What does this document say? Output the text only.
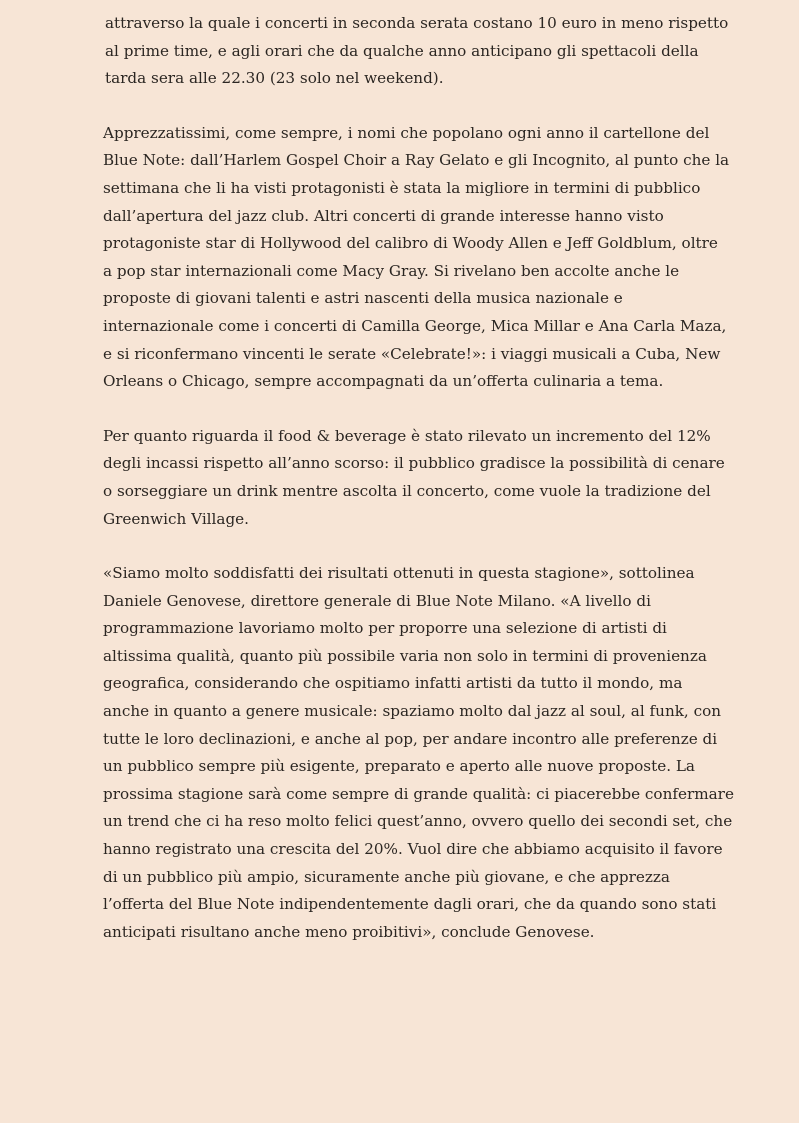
attraverso la quale i concerti in seconda serata costano 10 euro in meno rispetto
al prime time, e agli orari che da qualche anno anticipano gli spettacoli della
tarda sera alle 22.30 (23 solo nel weekend).

Apprezzatissimi, come sempre, i nomi che popolano ogni anno il cartellone del
Blue Note: dall’Harlem Gospel Choir a Ray Gelato e gli Incognito, al punto che la
settimana che li ha visti protagonisti è stata la migliore in termini di pubblico
dall’apertura del jazz club. Altri concerti di grande interesse hanno visto
protagoniste star di Hollywood del calibro di Woody Allen e Jeff Goldblum, oltre
a pop star internazionali come Macy Gray. Si rivelano ben accolte anche le
proposte di giovani talenti e astri nascenti della musica nazionale e
internazionale come i concerti di Camilla George, Mica Millar e Ana Carla Maza,
e si riconfermano vincenti le serate «Celebrate!»: i viaggi musicali a Cuba, New
Orleans o Chicago, sempre accompagnati da un’offerta culinaria a tema.

Per quanto riguarda il food & beverage è stato rilevato un incremento del 12%
degli incassi rispetto all’anno scorso: il pubblico gradisce la possibilità di cenare
o sorseggiare un drink mentre ascolta il concerto, come vuole la tradizione del
Greenwich Village.

«Siamo molto soddisfatti dei risultati ottenuti in questa stagione», sottolinea
Daniele Genovese, direttore generale di Blue Note Milano. «A livello di
programmazione lavoriamo molto per proporre una selezione di artisti di
altissima qualità, quanto più possibile varia non solo in termini di provenienza
geografica, considerando che ospitiamo infatti artisti da tutto il mondo, ma
anche in quanto a genere musicale: spaziamo molto dal jazz al soul, al funk, con
tutte le loro declinazioni, e anche al pop, per andare incontro alle preferenze di
un pubblico sempre più esigente, preparato e aperto alle nuove proposte. La
prossima stagione sarà come sempre di grande qualità: ci piacerebbe confermare
un trend che ci ha reso molto felici quest’anno, ovvero quello dei secondi set, che
hanno registrato una crescita del 20%. Vuol dire che abbiamo acquisito il favore
di un pubblico più ampio, sicuramente anche più giovane, e che apprezza
l’offerta del Blue Note indipendentemente dagli orari, che da quando sono stati
anticipati risultano anche meno proibitivi», conclude Genovese.
